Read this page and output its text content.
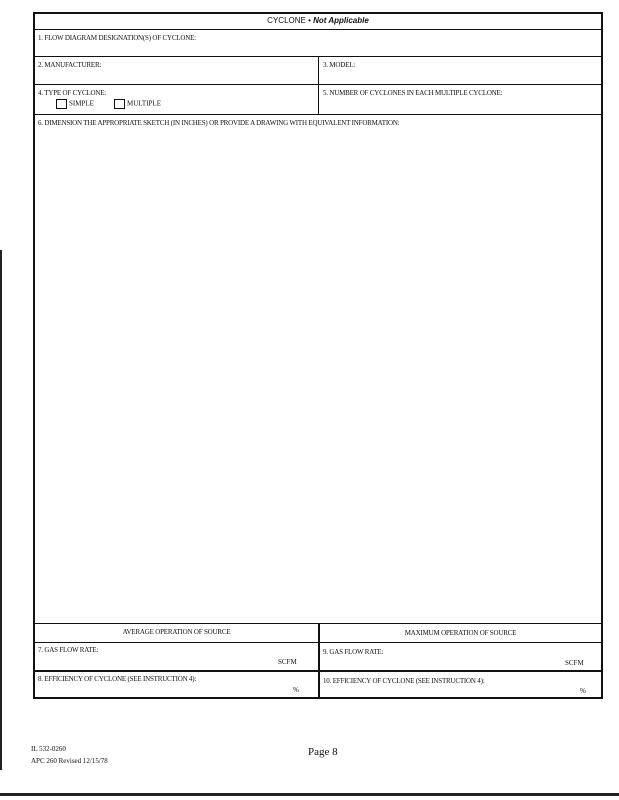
CYCLONE • Not Applicable
1. FLOW DIAGRAM DESIGNATION(S) OF CYCLONE:
2. MANUFACTURER:	3. MODEL:
4. TYPE OF CYCLONE:
SIMPLE	MULTIPLE
5. NUMBER OF CYCLONES IN EACH MULTIPLE CYCLONE:
6. DIMENSION THE APPROPRIATE SKETCH (IN INCHES) OR PROVIDE A DRAWING WITH EQUIVALENT INFORMATION:
AVERAGE OPERATION OF SOURCE	MAXIMUM OPERATION OF SOURCE
7. GAS FLOW RATE:
SCFM
8. EFFICIENCY OF CYCLONE (SEE INSTRUCTION 4):
%
9. GAS FLOW RATE:
SCFM
10. EFFICIENCY OF CYCLONE (SEE INSTRUCTION 4):
%
IL 532-0260
APC 260 Revised 12/15/78
Page 8
